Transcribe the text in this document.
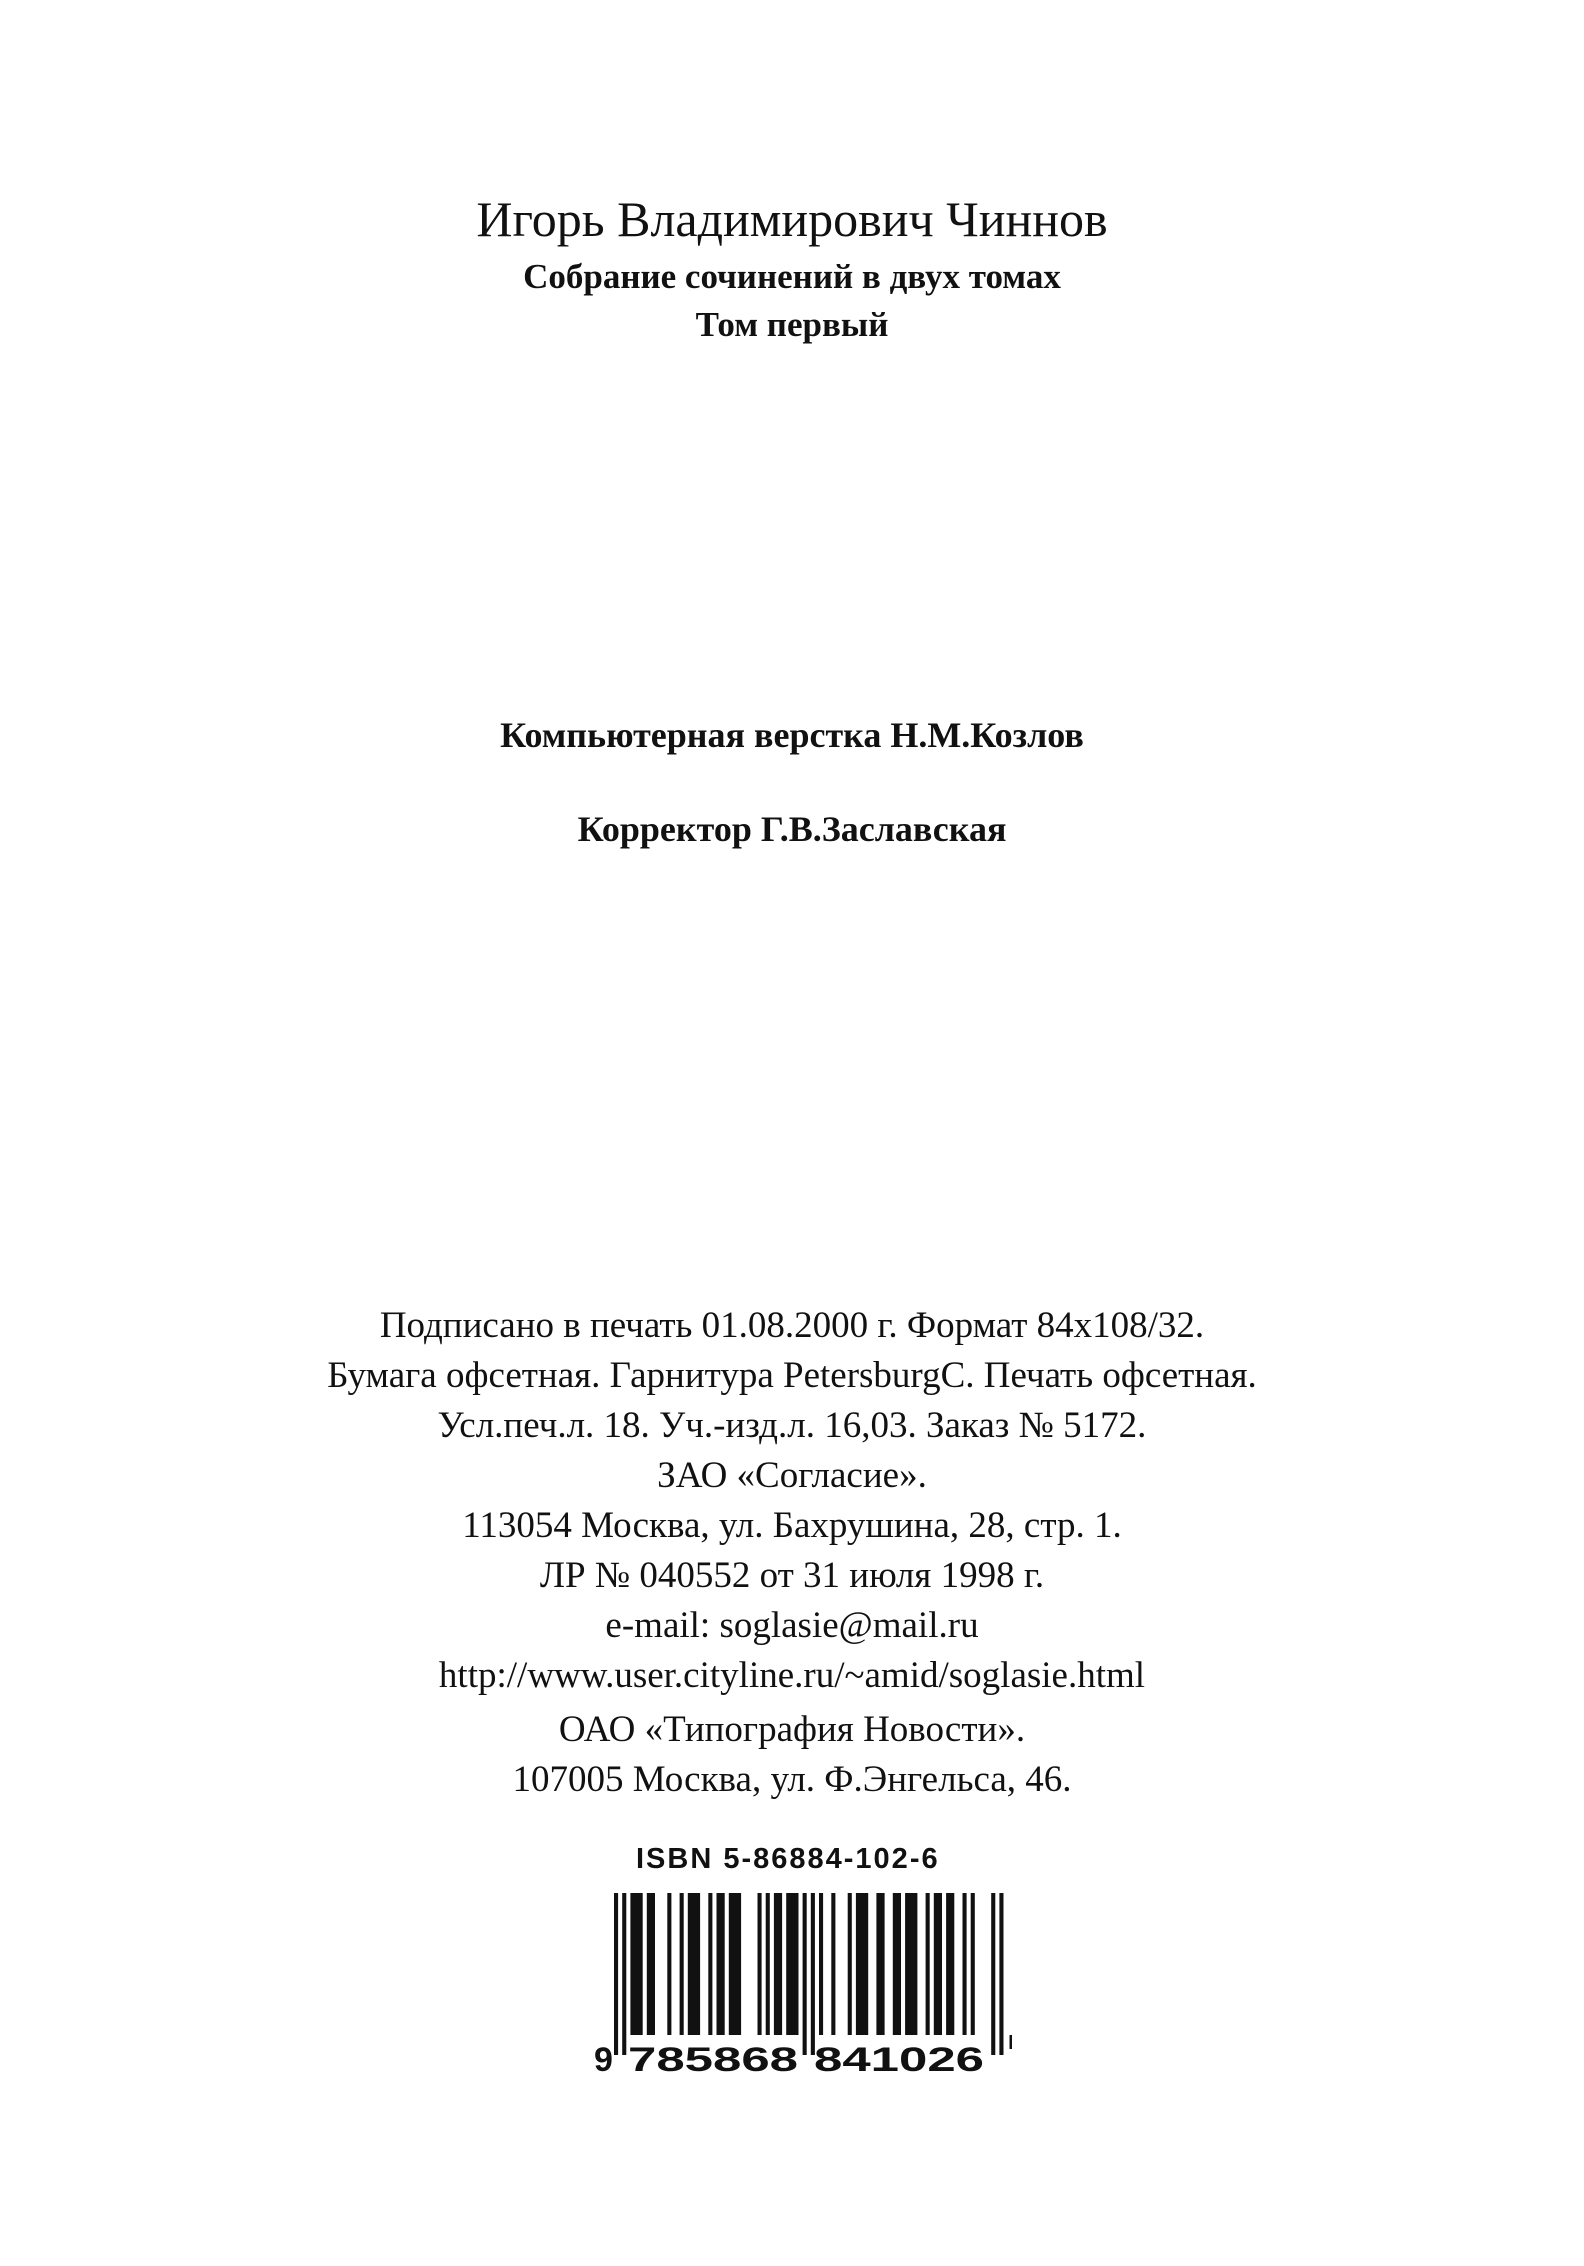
Игорь Владимирович Чиннов
Собрание сочинений в двух томах
Том первый
Компьютерная верстка Н.М.Козлов
Корректор Г.В.Заславская
Подписано в печать 01.08.2000 г. Формат 84x108/32.
Бумага офсетная. Гарнитура PetersburgC. Печать офсетная.
Усл.печ.л. 18. Уч.-изд.л. 16,03. Заказ № 5172.
ЗАО «Согласие».
113054 Москва, ул. Бахрушина, 28, стр. 1.
ЛР № 040552 от 31 июля 1998 г.
e-mail: soglasie@mail.ru
http://www.user.cityline.ru/~amid/soglasie.html
ОАО «Типография Новости».
107005 Москва, ул. Ф.Энгельса, 46.
ISBN 5-86884-102-6
9 785868 841026
